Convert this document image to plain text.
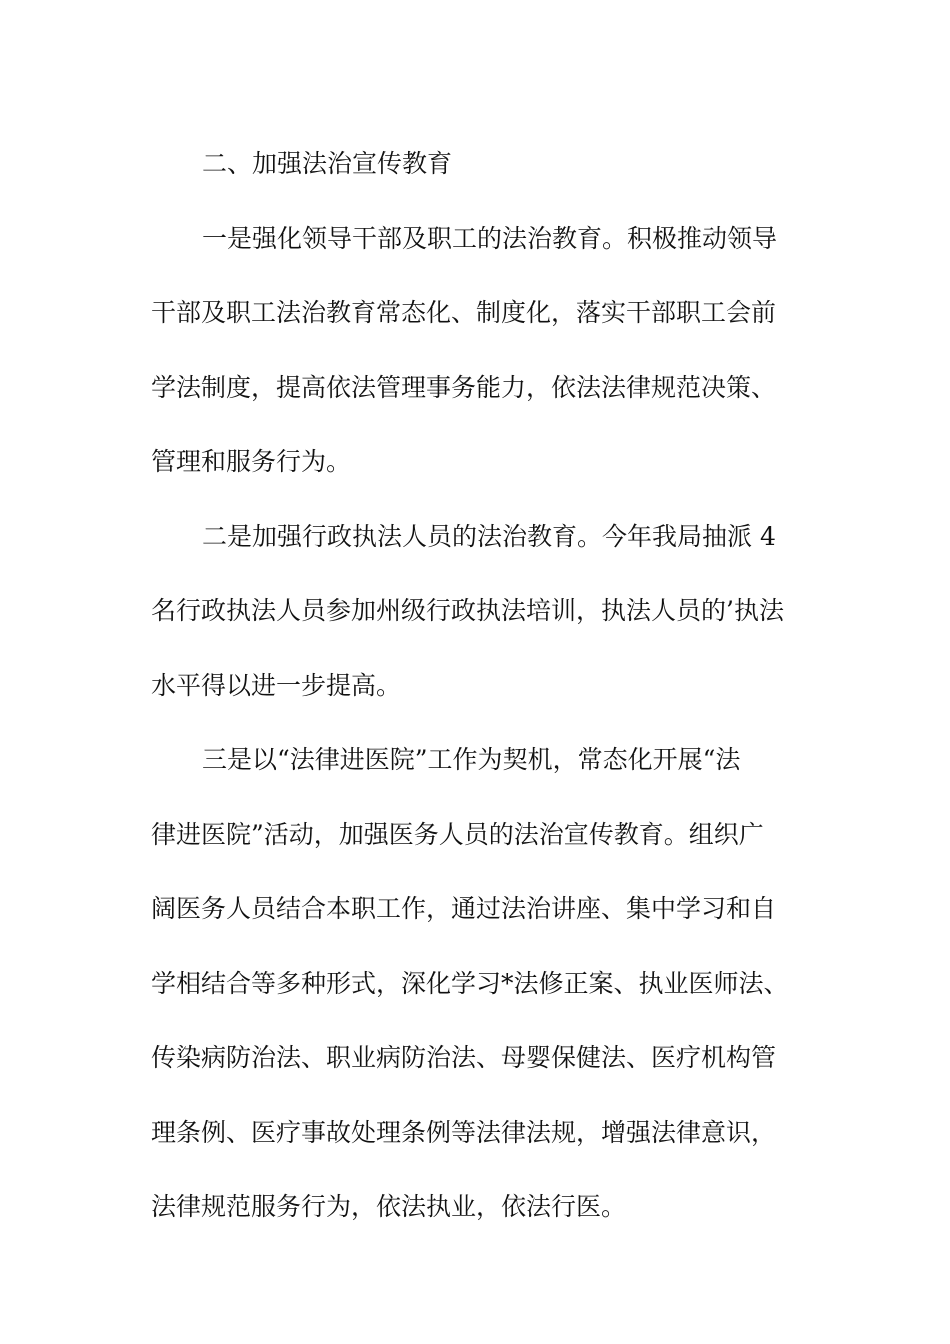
二、加强法治宣传教育
一是强化领导干部及职工的法治教育。积极推动领导
干部及职工法治教育常态化、制度化，落实干部职工会前
学法制度，提高依法管理事务能力，依法法律规范决策、
管理和服务行为。
二是加强行政执法人员的法治教育。今年我局抽派 4
名行政执法人员参加州级行政执法培训，执法人员的’执法
水平得以进一步提高。
三是以“法律进医院”工作为契机，常态化开展“法
律进医院”活动，加强医务人员的法治宣传教育。组织广
阔医务人员结合本职工作，通过法治讲座、集中学习和自
学相结合等多种形式，深化学习*法修正案、执业医师法、
传染病防治法、职业病防治法、母婴保健法、医疗机构管
理条例、医疗事故处理条例等法律法规，增强法律意识，
法律规范服务行为，依法执业，依法行医。
